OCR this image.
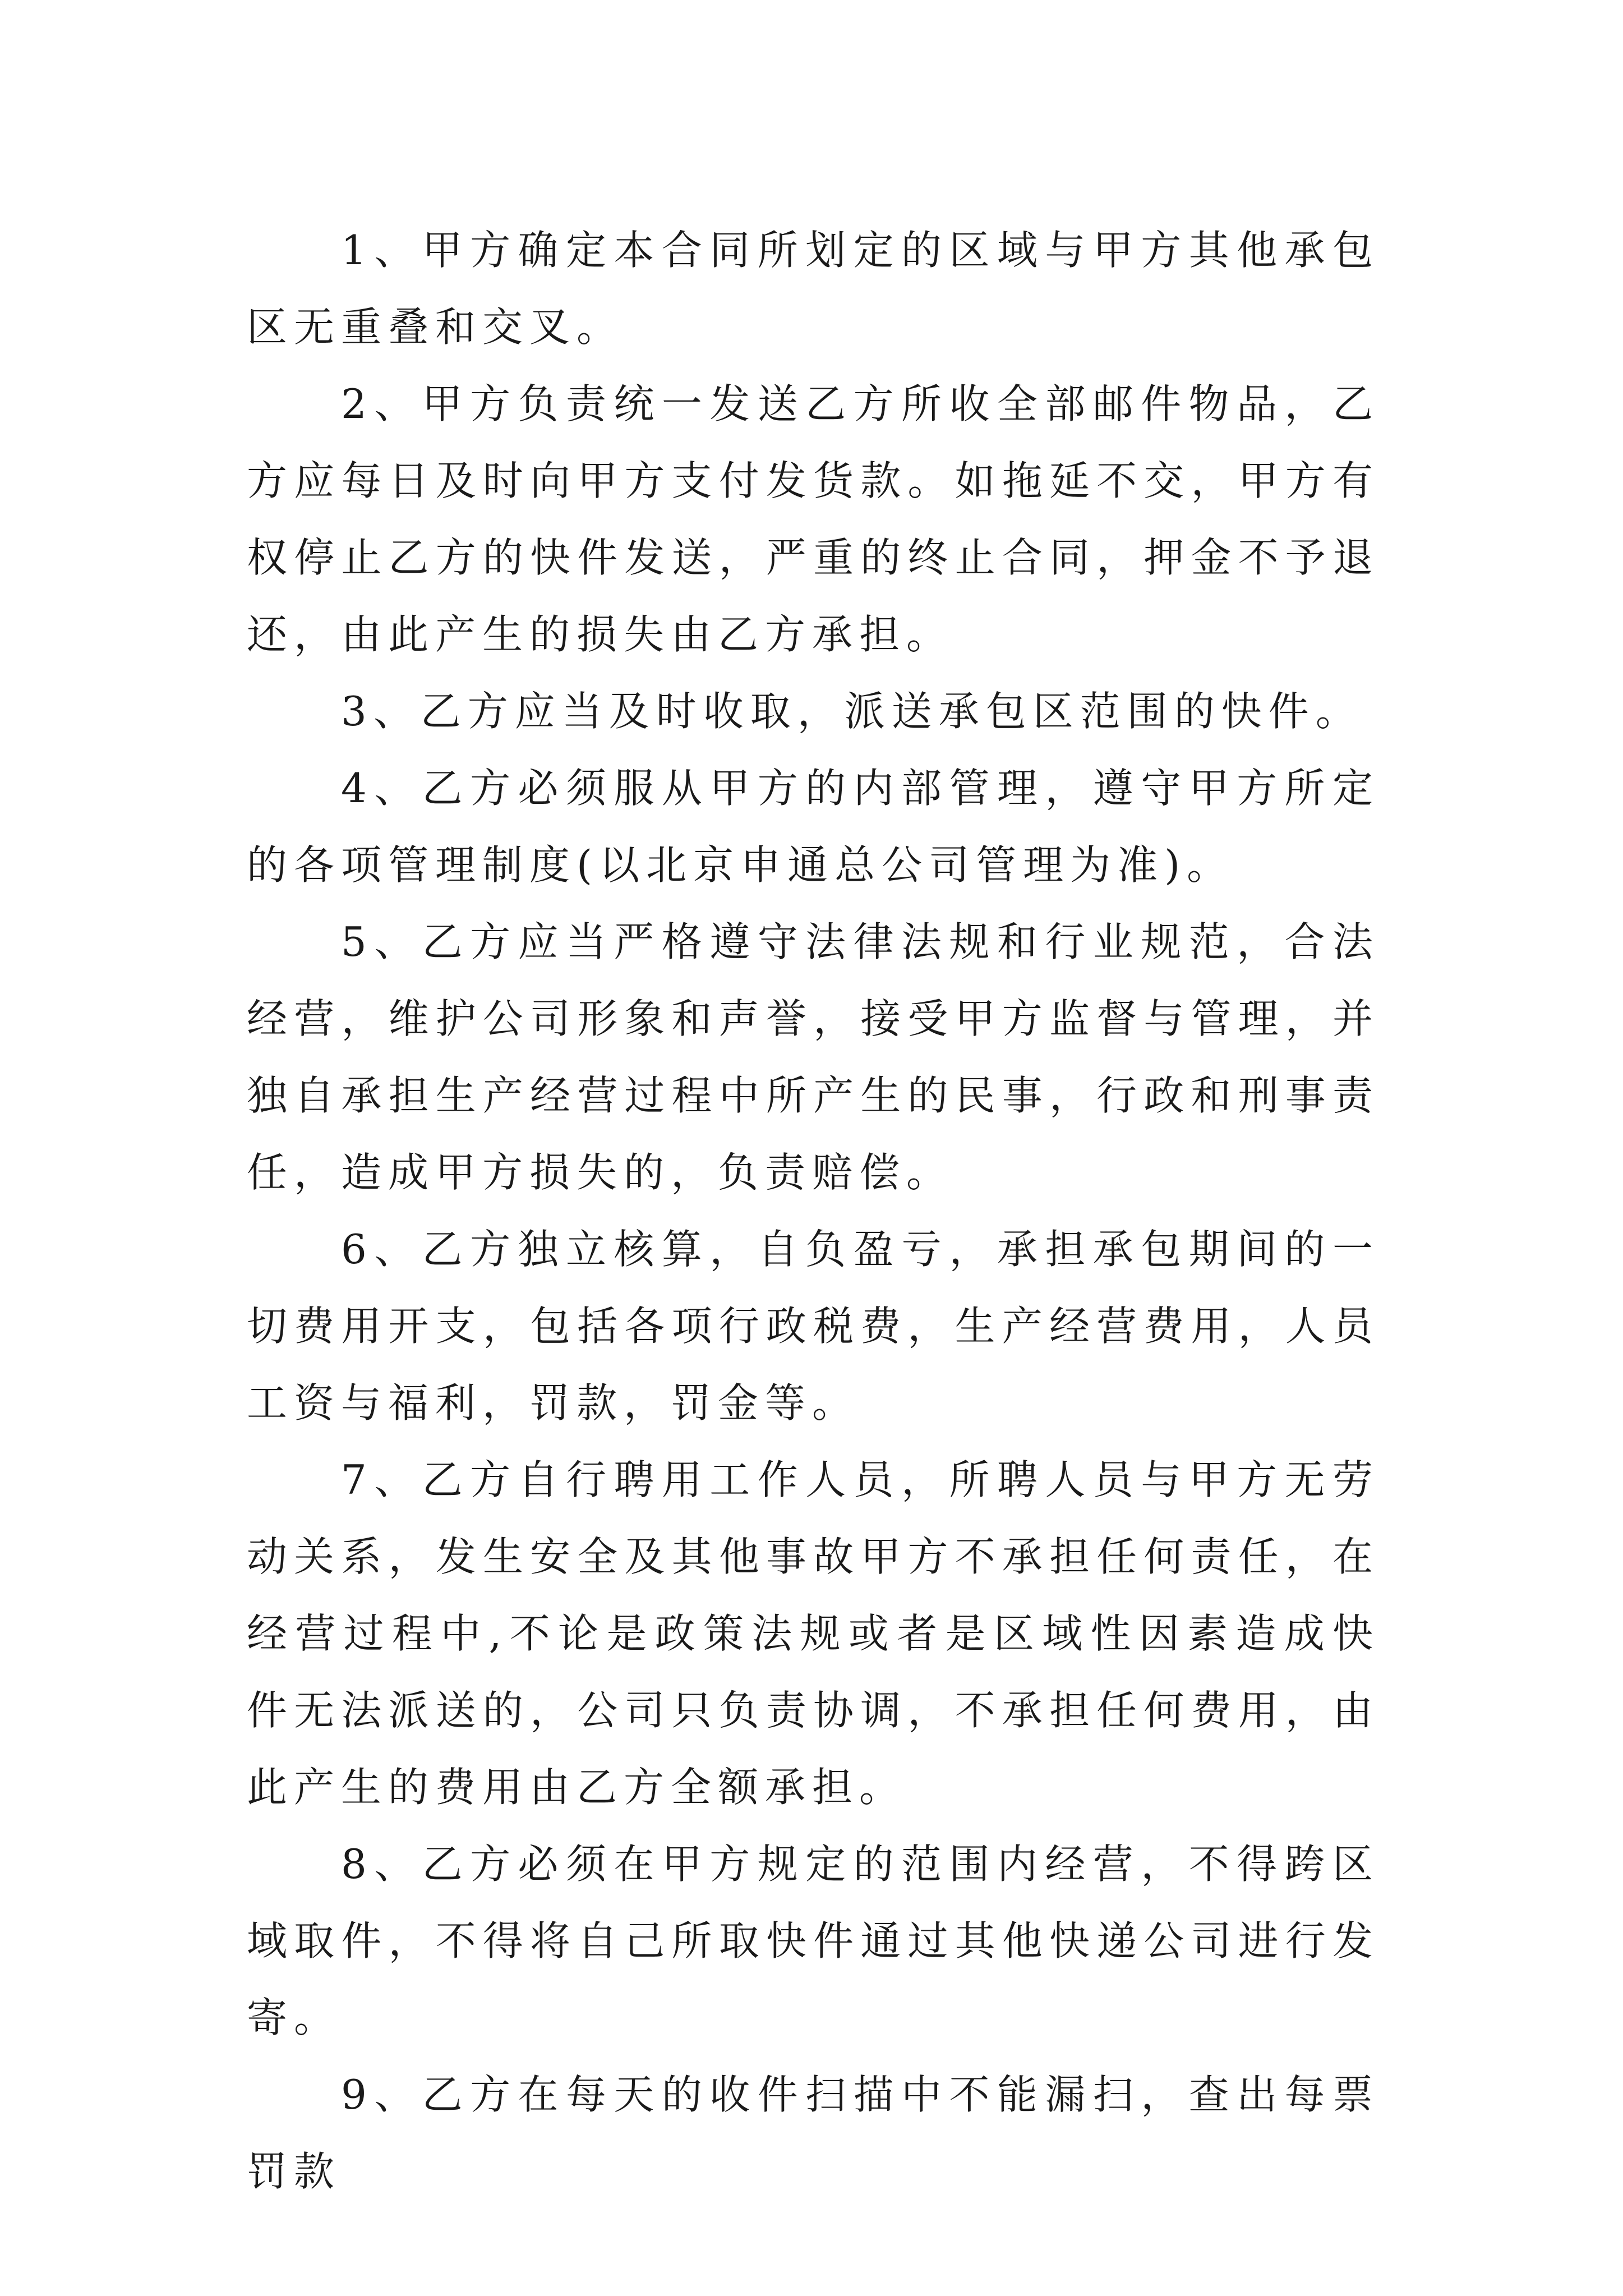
1、甲方确定本合同所划定的区域与甲方其他承包区无重叠和交叉。

2、甲方负责统一发送乙方所收全部邮件物品，乙方应每日及时向甲方支付发货款。如拖延不交，甲方有权停止乙方的快件发送，严重的终止合同，押金不予退还，由此产生的损失由乙方承担。

3、乙方应当及时收取，派送承包区范围的快件。

4、乙方必须服从甲方的内部管理，遵守甲方所定的各项管理制度(以北京申通总公司管理为准)。

5、乙方应当严格遵守法律法规和行业规范，合法经营，维护公司形象和声誉，接受甲方监督与管理，并独自承担生产经营过程中所产生的民事，行政和刑事责任，造成甲方损失的，负责赔偿。

6、乙方独立核算，自负盈亏，承担承包期间的一切费用开支，包括各项行政税费，生产经营费用，人员工资与福利，罚款，罚金等。

7、乙方自行聘用工作人员，所聘人员与甲方无劳动关系，发生安全及其他事故甲方不承担任何责任，在经营过程中,不论是政策法规或者是区域性因素造成快件无法派送的，公司只负责协调，不承担任何费用，由此产生的费用由乙方全额承担。

8、乙方必须在甲方规定的范围内经营，不得跨区域取件，不得将自己所取快件通过其他快递公司进行发寄。

9、乙方在每天的收件扫描中不能漏扫，查出每票罚款
